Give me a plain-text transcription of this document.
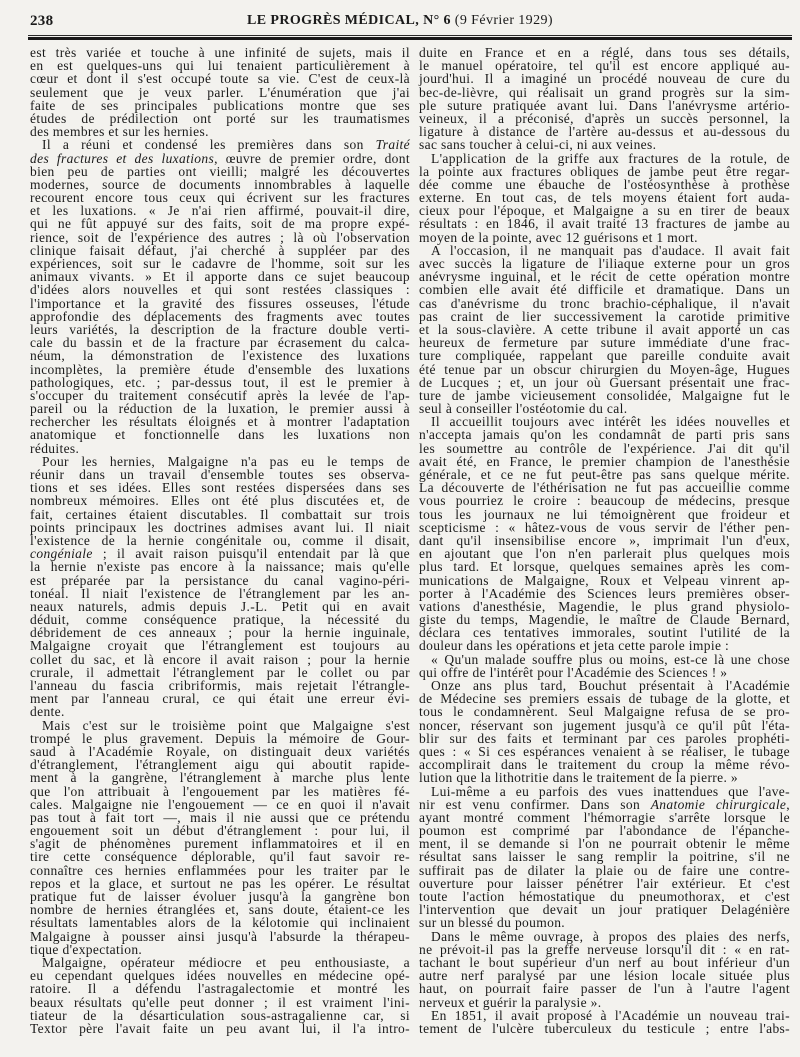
238	LE PROGRÈS MÉDICAL, N° 6 (9 Février 1929)
est très variée et touche à une infinité de sujets, mais il
en est quelques-uns qui lui tenaient particulièrement à
cœur et dont il s'est occupé toute sa vie. C'est de ceux-là
seulement que je veux parler. L'énumération que j'ai
faite de ses principales publications montre que ses
études de prédilection ont porté sur les traumatismes
des membres et sur les hernies.
Il a réuni et condensé les premières dans son Traité
des fractures et des luxations, œuvre de premier ordre, dont
bien peu de parties ont vieilli; malgré les découvertes
modernes, source de documents innombrables à laquelle
recourent encore tous ceux qui écrivent sur les fractures
et les luxations. « Je n'ai rien affirmé, pouvait-il dire,
qui ne fût appuyé sur des faits, soit de ma propre expé-
rience, soit de l'expérience des autres ; là où l'observation
clinique faisait défaut, j'ai cherché à suppléer par des
expériences, soit sur le cadavre de l'homme, soit sur les
animaux vivants. » Et il apporte dans ce sujet beaucoup
d'idées alors nouvelles et qui sont restées classiques :
l'importance et la gravité des fissures osseuses, l'étude
approfondie des déplacements des fragments avec toutes
leurs variétés, la description de la fracture double verti-
cale du bassin et de la fracture par écrasement du calca-
néum, la démonstration de l'existence des luxations
incomplètes, la première étude d'ensemble des luxations
pathologiques, etc. ; par-dessus tout, il est le premier à
s'occuper du traitement consécutif après la levée de l'ap-
pareil ou la réduction de la luxation, le premier aussi à
rechercher les résultats éloignés et à montrer l'adaptation
anatomique et fonctionnelle dans les luxations non
réduites.
Pour les hernies, Malgaigne n'a pas eu le temps de
réunir dans un travail d'ensemble toutes ses observa-
tions et ses idées. Elles sont restées dispersées dans ses
nombreux mémoires. Elles ont été plus discutées et, de
fait, certaines étaient discutables. Il combattait sur trois
points principaux les doctrines admises avant lui. Il niait
l'existence de la hernie congénitale ou, comme il disait,
congéniale ; il avait raison puisqu'il entendait par là que
la hernie n'existe pas encore à la naissance; mais qu'elle
est préparée par la persistance du canal vagino-péri-
tonéal. Il niait l'existence de l'étranglement par les an-
neaux naturels, admis depuis J.-L. Petit qui en avait
déduit, comme conséquence pratique, la nécessité du
débridement de ces anneaux ; pour la hernie inguinale,
Malgaigne croyait que l'étranglement est toujours au
collet du sac, et là encore il avait raison ; pour la hernie
crurale, il admettait l'étranglement par le collet ou par
l'anneau du fascia cribriformis, mais rejetait l'étrangle-
ment par l'anneau crural, ce qui était une erreur évi-
dente.
Mais c'est sur le troisième point que Malgaigne s'est
trompé le plus gravement. Depuis la mémoire de Gour-
saud à l'Académie Royale, on distinguait deux variétés
d'étranglement, l'étranglement aigu qui aboutit rapide-
ment à la gangrène, l'étranglement à marche plus lente
que l'on attribuait à l'engouement par les matières fé-
cales. Malgaigne nie l'engouement — ce en quoi il n'avait
pas tout à fait tort —, mais il nie aussi que ce prétendu
engouement soit un début d'étranglement : pour lui, il
s'agit de phénomènes purement inflammatoires et il en
tire cette conséquence déplorable, qu'il faut savoir re-
connaître ces hernies enflammées pour les traiter par le
repos et la glace, et surtout ne pas les opérer. Le résultat
pratique fut de laisser évoluer jusqu'à la gangrène bon
nombre de hernies étranglées et, sans doute, étaient-ce les
résultats lamentables alors de la kélotomie qui inclinaient
Malgaigne à pousser ainsi jusqu'à l'absurde la thérapeu-
tique d'expectation.
Malgaigne, opérateur médiocre et peu enthousiaste, a
eu cependant quelques idées nouvelles en médecine opé-
ratoire. Il a défendu l'astragalectomie et montré les
beaux résultats qu'elle peut donner ; il est vraiment l'ini-
tiateur de la désarticulation sous-astragalienne car, si
Textor père l'avait faite un peu avant lui, il l'a intro-
duite en France et en a réglé, dans tous ses détails,
le manuel opératoire, tel qu'il est encore appliqué au-
jourd'hui. Il a imaginé un procédé nouveau de cure du
bec-de-lièvre, qui réalisait un grand progrès sur la sim-
ple suture pratiquée avant lui. Dans l'anévrysme artério-
veineux, il a préconisé, d'après un succès personnel, la
ligature à distance de l'artère au-dessus et au-dessous du
sac sans toucher à celui-ci, ni aux veines.
L'application de la griffe aux fractures de la rotule, de
la pointe aux fractures obliques de jambe peut être regar-
dée comme une ébauche de l'ostéosynthèse à prothèse
externe. En tout cas, de tels moyens étaient fort auda-
cieux pour l'époque, et Malgaigne a su en tirer de beaux
résultats : en 1846, il avait traité 13 fractures de jambe au
moyen de la pointe, avec 12 guérisons et 1 mort.
A l'occasion, il ne manquait pas d'audace. Il avait fait
avec succès la ligature de l'iliaque externe pour un gros
anévrysme inguinal, et le récit de cette opération montre
combien elle avait été difficile et dramatique. Dans un
cas d'anévrisme du tronc brachio-céphalique, il n'avait
pas craint de lier successivement la carotide primitive
et la sous-clavière. A cette tribune il avait apporté un cas
heureux de fermeture par suture immédiate d'une frac-
ture compliquée, rappelant que pareille conduite avait
été tenue par un obscur chirurgien du Moyen-âge, Hugues
de Lucques ; et, un jour où Guersant présentait une frac-
ture de jambe vicieusement consolidée, Malgaigne fut le
seul à conseiller l'ostéotomie du cal.
Il accueillit toujours avec intérêt les idées nouvelles et
n'accepta jamais qu'on les condamnât de parti pris sans
les soumettre au contrôle de l'expérience. J'ai dit qu'il
avait été, en France, le premier champion de l'anesthésie
générale, et ce ne fut peut-être pas sans quelque mérite.
La découverte de l'éthérisation ne fut pas accueillie comme
vous pourriez le croire : beaucoup de médecins, presque
tous les journaux ne lui témoignèrent que froideur et
scepticisme : « hâtez-vous de vous servir de l'éther pen-
dant qu'il insensibilise encore », imprimait l'un d'eux,
en ajoutant que l'on n'en parlerait plus quelques mois
plus tard. Et lorsque, quelques semaines après les com-
munications de Malgaigne, Roux et Velpeau vinrent ap-
porter à l'Académie des Sciences leurs premières obser-
vations d'anesthésie, Magendie, le plus grand physiolo-
giste du temps, Magendie, le maître de Claude Bernard,
déclara ces tentatives immorales, soutint l'utilité de la
douleur dans les opérations et jeta cette parole impie :
« Qu'un malade souffre plus ou moins, est-ce là une chose
qui offre de l'intérêt pour l'Académie des Sciences ! »
Onze ans plus tard, Bouchut présentait à l'Académie
de Médecine ses premiers essais de tubage de la glotte, et
tous le condamnèrent. Seul Malgaigne refusa de se pro-
noncer, réservant son jugement jusqu'à ce qu'il pût l'éta-
blir sur des faits et terminant par ces paroles prophéti-
ques : « Si ces espérances venaient à se réaliser, le tubage
accomplirait dans le traitement du croup la même révo-
lution que la lithotritie dans le traitement de la pierre. »
Lui-même a eu parfois des vues inattendues que l'ave-
nir est venu confirmer. Dans son Anatomie chirurgicale,
ayant montré comment l'hémorragie s'arrête lorsque le
poumon est comprimé par l'abondance de l'épanche-
ment, il se demande si l'on ne pourrait obtenir le même
résultat sans laisser le sang remplir la poitrine, s'il ne
suffirait pas de dilater la plaie ou de faire une contre-
ouverture pour laisser pénétrer l'air extérieur. Et c'est
toute l'action hémostatique du pneumothorax, et c'est
l'intervention que devait un jour pratiquer Delagénière
sur un blessé du poumon.
Dans le même ouvrage, à propos des plaies des nerfs,
ne prévoit-il pas la greffe nerveuse lorsqu'il dit : « en rat-
tachant le bout supérieur d'un nerf au bout inférieur d'un
autre nerf paralysé par une lésion locale située plus
haut, on pourrait faire passer de l'un à l'autre l'agent
nerveux et guérir la paralysie ».
En 1851, il avait proposé à l'Académie un nouveau trai-
tement de l'ulcère tuberculeux du testicule ; entre l'abs-
